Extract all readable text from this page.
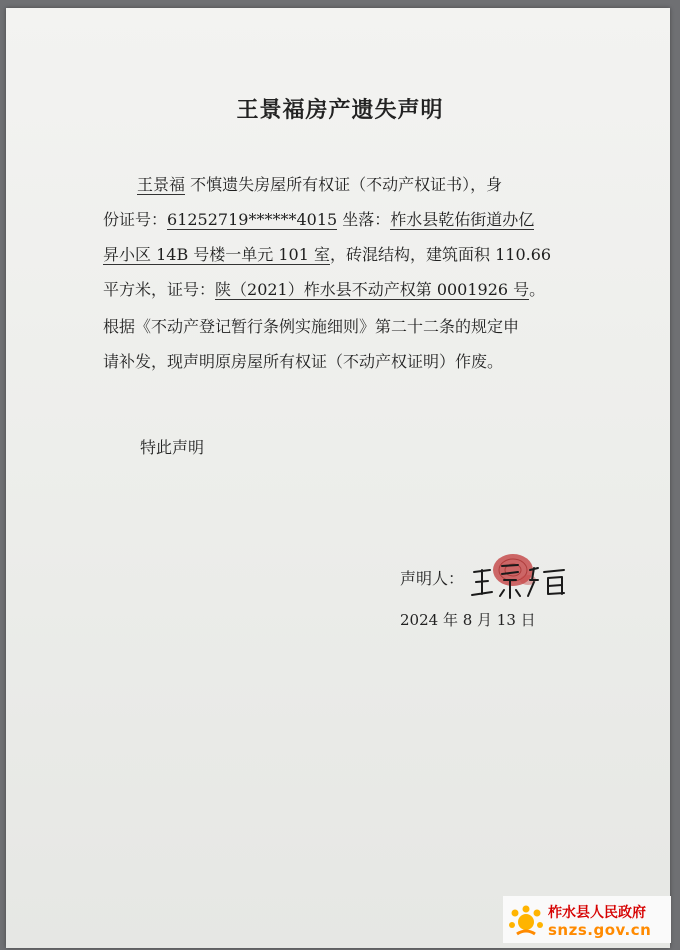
王景福房产遗失声明
王景福 不慎遗失房屋所有权证（不动产权证书），身
份证号：61252719******4015 坐落：柞水县乾佑街道办亿
昇小区 14B 号楼一单元 101 室，砖混结构，建筑面积 110.66
平方米，证号：陕（2021）柞水县不动产权第 0001926 号。
根据《不动产登记暂行条例实施细则》第二十二条的规定申
请补发，现声明原房屋所有权证（不动产权证明）作废。
特此声明
声明人：
2024 年 8 月 13 日
柞水县人民政府
snzs.gov.cn
